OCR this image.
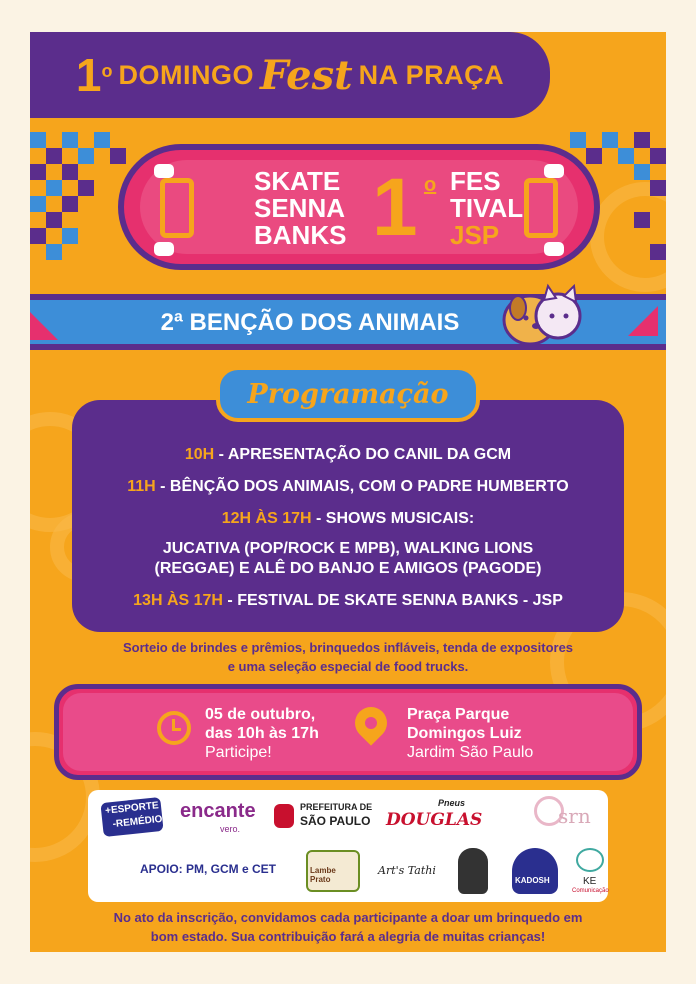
1 o DOMINGO Fest NA PRAÇA
SKATE
SENNA
BANKS 1 o FES
TIVAL
JSP
2ª BENÇÃO DOS ANIMAIS
Programação
10H - APRESENTAÇÃO DO CANIL DA GCM
11H - BÊNÇÃO DOS ANIMAIS, COM O PADRE HUMBERTO
12H ÀS 17H - SHOWS MUSICAIS:
JUCATIVA (POP/ROCK E MPB), WALKING LIONS
(REGGAE) E ALÊ DO BANJO E AMIGOS (PAGODE)
13H ÀS 17H - FESTIVAL DE SKATE SENNA BANKS - JSP
Sorteio de brindes e prêmios, brinquedos infláveis, tenda de expositores
e uma seleção especial de food trucks.
05 de outubro,
das 10h às 17h
Participe!
Praça Parque
Domingos Luiz
Jardim São Paulo
+ESPORTE
-REMÉDIO encante
vero.
PREFEITURA DE
SÃO PAULO
Pneus
DOUGLAS	srn
APOIO: PM, GCM e CET	Lambe Prato
Art's Tathi
KADOSH	KE
Comunicação
No ato da inscrição, convidamos cada participante a doar um brinquedo em
bom estado. Sua contribuição fará a alegria de muitas crianças!
